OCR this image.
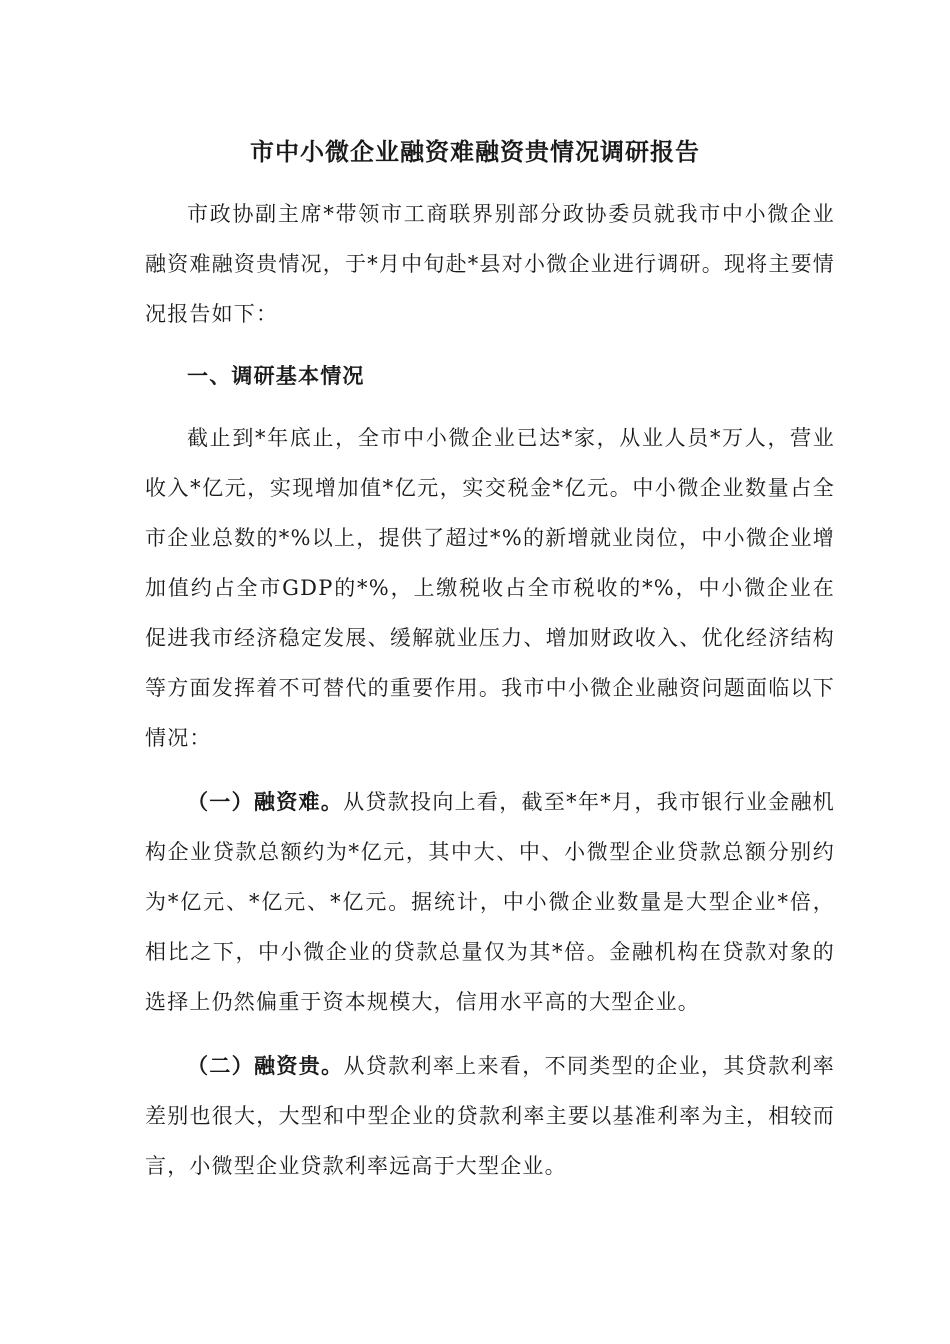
市中小微企业融资难融资贵情况调研报告

市政协副主席*带领市工商联界别部分政协委员就我市中小微企业融资难融资贵情况，于*月中旬赴*县对小微企业进行调研。现将主要情况报告如下：

一、调研基本情况

截止到*年底止，全市中小微企业已达*家，从业人员*万人，营业收入*亿元，实现增加值*亿元，实交税金*亿元。中小微企业数量占全市企业总数的*%以上，提供了超过*%的新增就业岗位，中小微企业增加值约占全市GDP的*%，上缴税收占全市税收的*%，中小微企业在促进我市经济稳定发展、缓解就业压力、增加财政收入、优化经济结构等方面发挥着不可替代的重要作用。我市中小微企业融资问题面临以下情况：

（一）融资难。从贷款投向上看，截至*年*月，我市银行业金融机构企业贷款总额约为*亿元，其中大、中、小微型企业贷款总额分别约为*亿元、*亿元、*亿元。据统计，中小微企业数量是大型企业*倍，相比之下，中小微企业的贷款总量仅为其*倍。金融机构在贷款对象的选择上仍然偏重于资本规模大，信用水平高的大型企业。

（二）融资贵。从贷款利率上来看，不同类型的企业，其贷款利率差别也很大，大型和中型企业的贷款利率主要以基准利率为主，相较而言，小微型企业贷款利率远高于大型企业。
